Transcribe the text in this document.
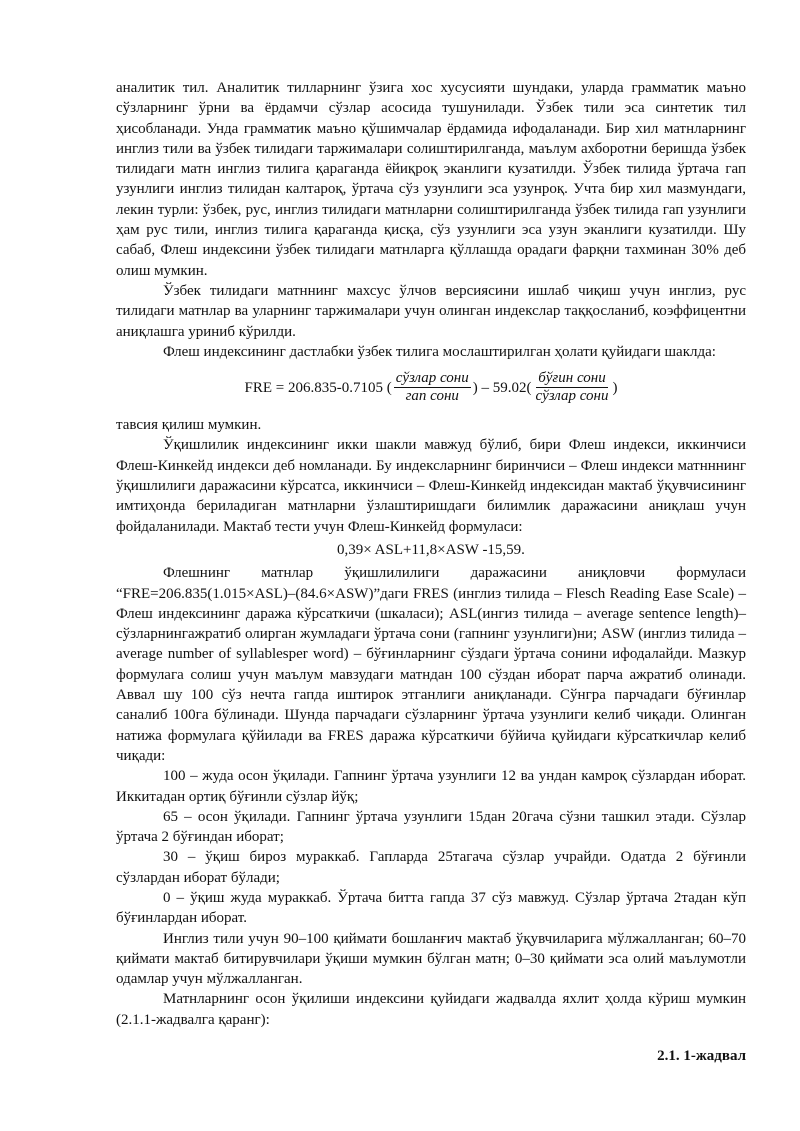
аналитик тил. Аналитик тилларнинг ўзига хос хусусияти шундаки, уларда грамматик маъно сўзларнинг ўрни ва ёрдамчи сўзлар асосида тушунилади. Ўзбек тили эса синтетик тил ҳисобланади. Унда грамматик маъно қўшимчалар ёрдамида ифодаланади. Бир хил матнларнинг инглиз тили ва ўзбек тилидаги таржималари солиштирилганда, маълум ахборотни беришда ўзбек тилидаги матн инглиз тилига қараганда ёйиқроқ эканлиги кузатилди. Ўзбек тилида ўртача гап узунлиги инглиз тилидан калтароқ, ўртача сўз узунлиги эса узунроқ. Учта бир хил мазмундаги, лекин турли: ўзбек, рус, инглиз тилидаги матнларни солиштирилганда ўзбек тилида гап узунлиги ҳам рус тили, инглиз тилига қараганда қисқа, сўз узунлиги эса узун эканлиги кузатилди. Шу сабаб, Флеш индексини ўзбек тилидаги матнларга қўллашда орадаги фарқни тахминан 30% деб олиш мумкин.

Ўзбек тилидаги матннинг махсус ўлчов версиясини ишлаб чиқиш учун инглиз, рус тилидаги матнлар ва уларнинг таржималари учун олинган индекслар таққосланиб, коэффицентни аниқлашга уриниб кўрилди.

Флеш индексининг дастлабки ўзбек тилига мослаштирилган ҳолати қуйидаги шаклда:

FRE = 206.835-0.7105 ( $\frac{\text{сўзлар сони}}{\text{гап сони}}$ ) – $59.02( \frac{\text{бўғин сони}}{\text{сўзлар сони}}$ )

тавсия қилиш мумкин.

Ўқишлилик индексининг икки шакли мавжуд бўлиб, бири Флеш индекси, иккинчиси Флеш-Кинкейд индекси деб номланади. Бу индексларнинг биринчиси – Флеш индекси матнннинг ўқишлилиги даражасини кўрсатса, иккинчиси – Флеш-Кинкейд индексидан мактаб ўқувчисининг имтиҳонда бериладиган матнларни ўзлаштиришдаги билимлик даражасини аниқлаш учун фойдаланилади. Мактаб тести учун Флеш-Кинкейд формуласи:

0,39× ASL+11,8×ASW -15,59.

Флешнинг матнлар ўқишлилилиги даражасини аниқловчи формуласи “FRE=206.835(1.015×ASL)–(84.6×ASW)”даги FRES (инглиз тилида – Flesch Reading Ease Scale) – Флеш индексининг даража кўрсаткичи (шкаласи); ASL(ингиз тилида – average sentence length)–сўзларнингажратиб олирган жумладаги ўртача сони (гапнинг узунлиги)ни; ASW (инглиз тилида – average number of syllablesper word) – бўғинларнинг сўздаги ўртача сонини ифодалайди. Мазкур формулага солиш учун маълум мавзудаги матндан 100 сўздан иборат парча ажратиб олинади. Аввал шу 100 сўз нечта гапда иштирок этганлиги аниқланади. Сўнгра парчадаги бўғинлар саналиб 100га бўлинади. Шунда парчадаги сўзларнинг ўртача узунлиги келиб чиқади. Олинган натижа формулага қўйилади ва FRES даража кўрсаткичи бўйича қуйидаги кўрсаткичлар келиб чиқади:

100 – жуда осон ўқилади. Гапнинг ўртача узунлиги 12 ва ундан камроқ сўзлардан иборат. Иккитадан ортиқ бўғинли сўзлар йўқ;

65 – осон ўқилади. Гапнинг ўртача узунлиги 15дан 20гача сўзни ташкил этади. Сўзлар ўртача 2 бўғиндан иборат;

30 – ўқиш бироз мураккаб. Гапларда 25тагача сўзлар учрайди. Одатда 2 бўғинли сўзлардан иборат бўлади;

0 – ўқиш жуда мураккаб. Ўртача битта гапда 37 сўз мавжуд. Сўзлар ўртача 2тадан кўп бўғинлардан иборат.

Инглиз тили учун 90–100 қиймати бошланғич мактаб ўқувчиларига мўлжалланган; 60–70 қиймати мактаб битирувчилари ўқиши мумкин бўлган матн; 0–30 қиймати эса олий маълумотли одамлар учун мўлжалланган.

Матнларнинг осон ўқилиши индексини қуйидаги жадвалда яхлит ҳолда кўриш мумкин (2.1.1-жадвалга қаранг):

2.1. 1-жадвал
